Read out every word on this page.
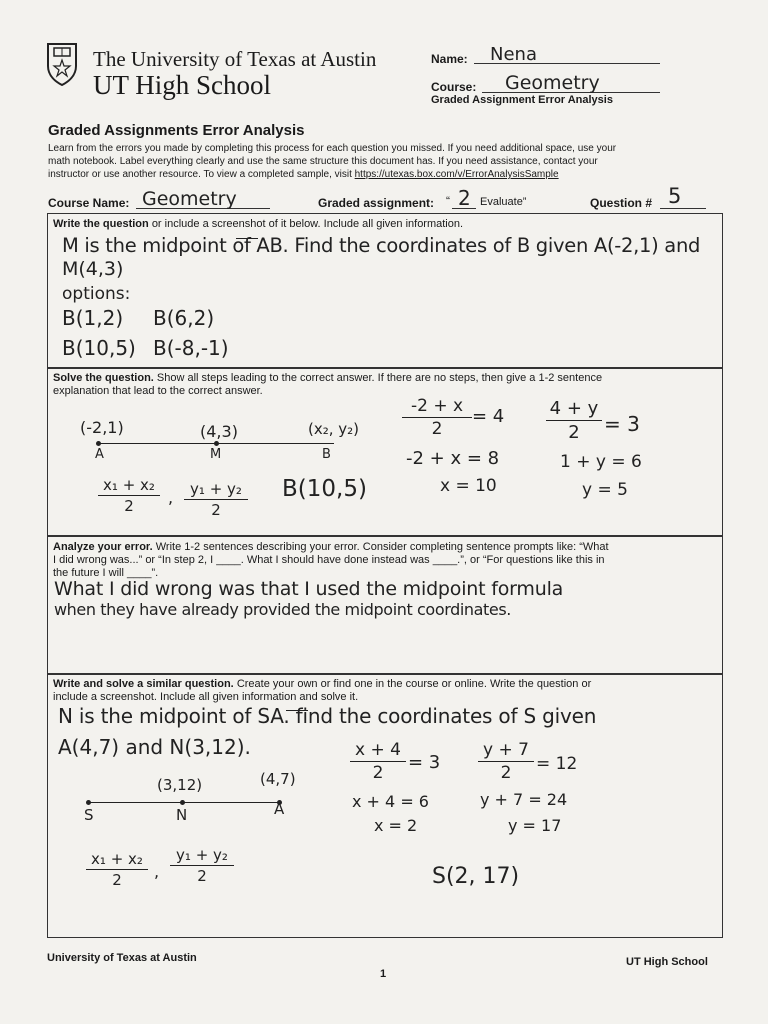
The University of Texas at Austin
UT High School
Name: Nena
Course: Geometry
Graded Assignment Error Analysis
Graded Assignments Error Analysis
Learn from the errors you made by completing this process for each question you missed. If you need additional space, use your
math notebook. Label everything clearly and use the same structure this document has. If you need assistance, contact your
instructor or use another resource. To view a completed sample, visit https://utexas.box.com/v/ErrorAnalysisSample
Course Name: Geometry	Graded assignment: “ 2 Evaluate”	Question # 5
Write the question or include a screenshot of it below. Include all given information.
M is the midpoint of AB. Find the coordinates of B given A(-2,1) and
M(4,3)
options:
B(1,2) B(6,2)
B(10,5) B(-8,-1)
Solve the question. Show all steps leading to the correct answer. If there are no steps, then give a 1-2 sentence
explanation that lead to the correct answer.
(-2,1)	(4,3)	(x₂, y₂)
A	M	B
x₁ + x₂
2	,	y₁ + y₂
2
B(10,5)
-2 + x
2
= 4
-2 + x = 8
x = 10
4 + y
2	= 3
1 + y = 6
y = 5
Analyze your error. Write 1-2 sentences describing your error. Consider completing sentence prompts like: “What
I did wrong was...” or “In step 2, I ____. What I should have done instead was ____.”, or “For questions like this in
the future I will ____”.
What I did wrong was that I used the midpoint formula
when they have already provided the midpoint coordinates.
Write and solve a similar question. Create your own or find one in the course or online. Write the question or
include a screenshot. Include all given information and solve it.
N is the midpoint of SA. find the coordinates of S given
A(4,7) and N(3,12).
(3,12)	(4,7)
S	N	A
x + 4
2	= 3
x + 4 = 6
x = 2
y + 7
2	= 12
y + 7 = 24
y = 17
x₁ + x₂
2	,
y₁ + y₂
2	S(2, 17)
University of Texas at Austin	UT High School
1
